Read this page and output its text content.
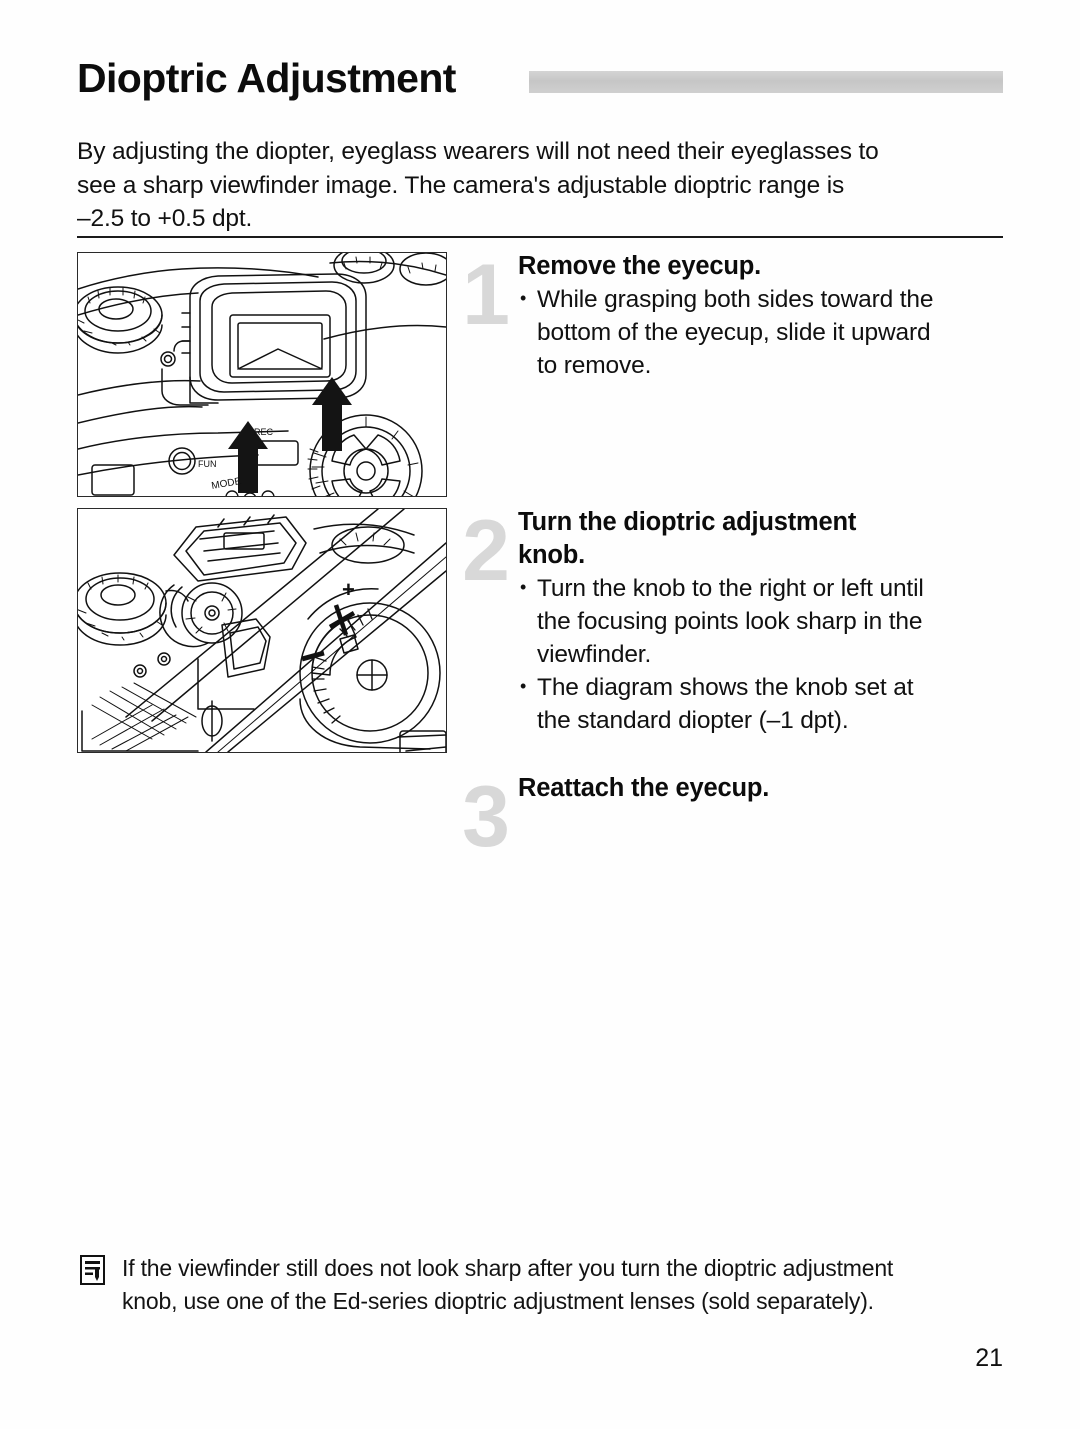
Dioptric Adjustment
By adjusting the diopter, eyeglass wearers will not need their eyeglasses to
see a sharp viewfinder image. The camera's adjustable dioptric range is
–2.5 to +0.5 dpt.
REC
FUN
MODE
+
1 Remove the eyecup.
• While grasping both sides toward the
bottom of the eyecup, slide it upward
to remove.
2 Turn the dioptric adjustment
knob.
• Turn the knob to the right or left until
the focusing points look sharp in the
viewfinder.
• The diagram shows the knob set at
the standard diopter (–1 dpt).
3 Reattach the eyecup.
If the viewfinder still does not look sharp after you turn the dioptric adjustment
knob, use one of the Ed-series dioptric adjustment lenses (sold separately).
21
